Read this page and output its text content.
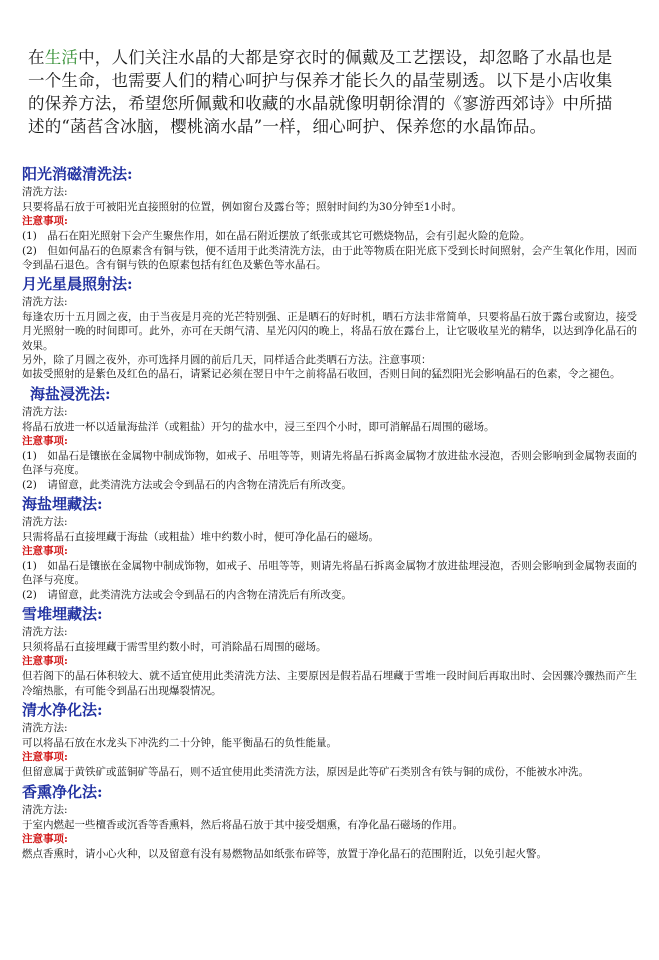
在生活中，人们关注水晶的大都是穿衣时的佩戴及工艺摆设，却忽略了水晶也是一个生命，也需要人们的精心呵护与保养才能长久的晶莹剔透。以下是小店收集的保养方法，希望您所佩戴和收藏的水晶就像明朝徐渭的《寥游西郊诗》中所描述的“菡萏含冰脑，樱桃滴水晶”一样，细心呵护、保养您的水晶饰品。
阳光消磁清洗法:
清洗方法:
只要将晶石放于可被阳光直接照射的位置，例如窗台及露台等；照射时间约为30分钟至1小时。
注意事项:
(1)　晶石在阳光照射下会产生聚焦作用，如在晶石附近摆放了纸张或其它可燃烧物品，会有引起火险的危险。
(2)　但如何晶石的色原素含有铜与铁，便不适用于此类清洗方法，由于此等物质在阳光底下受到长时间照射，会产生氧化作用，因而令到晶石退色。含有铜与铁的色原素包括有红色及紫色等水晶石。
月光星晨照射法:
清洗方法:
每逢农历十五月圆之夜，由于当夜是月亮的光芒特别强、正是晒石的好时机，晒石方法非常简单，只要将晶石放于露台或窗边，接受月光照射一晚的时间即可。此外，亦可在天朗气清、星光闪闪的晚上，将晶石放在露台上，让它吸收星光的精华，以达到净化晶石的效果。
另外，除了月圆之夜外，亦可选择月圆的前后几天，同样适合此类晒石方法。注意事项：
如拔受照射的是紫色及红色的晶石，请紧记必须在翌日中午之前将晶石收回，否则日间的猛烈阳光会影响晶石的色素，令之褪色。
海盐浸洗法:
清洗方法:
将晶石放进一杯以适量海盐洋（或粗盐）开匀的盐水中，浸三至四个小时，即可消解晶石周围的磁场。
注意事项:
(1)　如晶石是镶嵌在金属物中制成饰物，如戒子、吊咀等等，则请先将晶石拆离金属物才放进盐水浸泡，否则会影响到金属物表面的色泽与亮度。
(2)　请留意，此类清洗方法或会令到晶石的内含物在清洗后有所改变。
海盐埋藏法:
清洗方法:
只需将晶石直接埋藏于海盐（或粗盐）堆中约数小时，便可净化晶石的磁场。
注意事项:
(1)　如晶石是镶嵌在金属物中制成饰物，如戒子、吊咀等等，则请先将晶石拆离金属物才放进盐埋浸泡，否则会影响到金属物表面的色泽与亮度。
(2)　请留意，此类清洗方法或会令到晶石的内含物在清洗后有所改变。
雪堆埋藏法:
清洗方法:
只须将晶石直接埋藏于需雪里约数小时，可消除晶石周围的磁场。
注意事项:
但若阁下的晶石体积较大、就不适宜使用此类清洗方法、主要原因是假若晶石埋藏于雪堆一段时间后再取出时、会因骤冷骤热而产生冷缩热胀，有可能令到晶石出现爆裂情况。
清水净化法:
清洗方法:
可以将晶石放在水龙头下冲洗约二十分钟，能平衡晶石的负性能量。
注意事项:
但留意属于黄铁矿或蓝铜矿等晶石，则不适宜使用此类清洗方法，原因是此等矿石类别含有铁与铜的成份，不能被水冲洗。
香熏净化法:
清洗方法:
于室内燃起一些檀香或沉香等香熏料，然后将晶石放于其中接受烟熏，有净化晶石磁场的作用。
注意事项:
燃点香熏时，请小心火种，以及留意有没有易燃物品如纸张布碎等，放置于净化晶石的范围附近，以免引起火警。
